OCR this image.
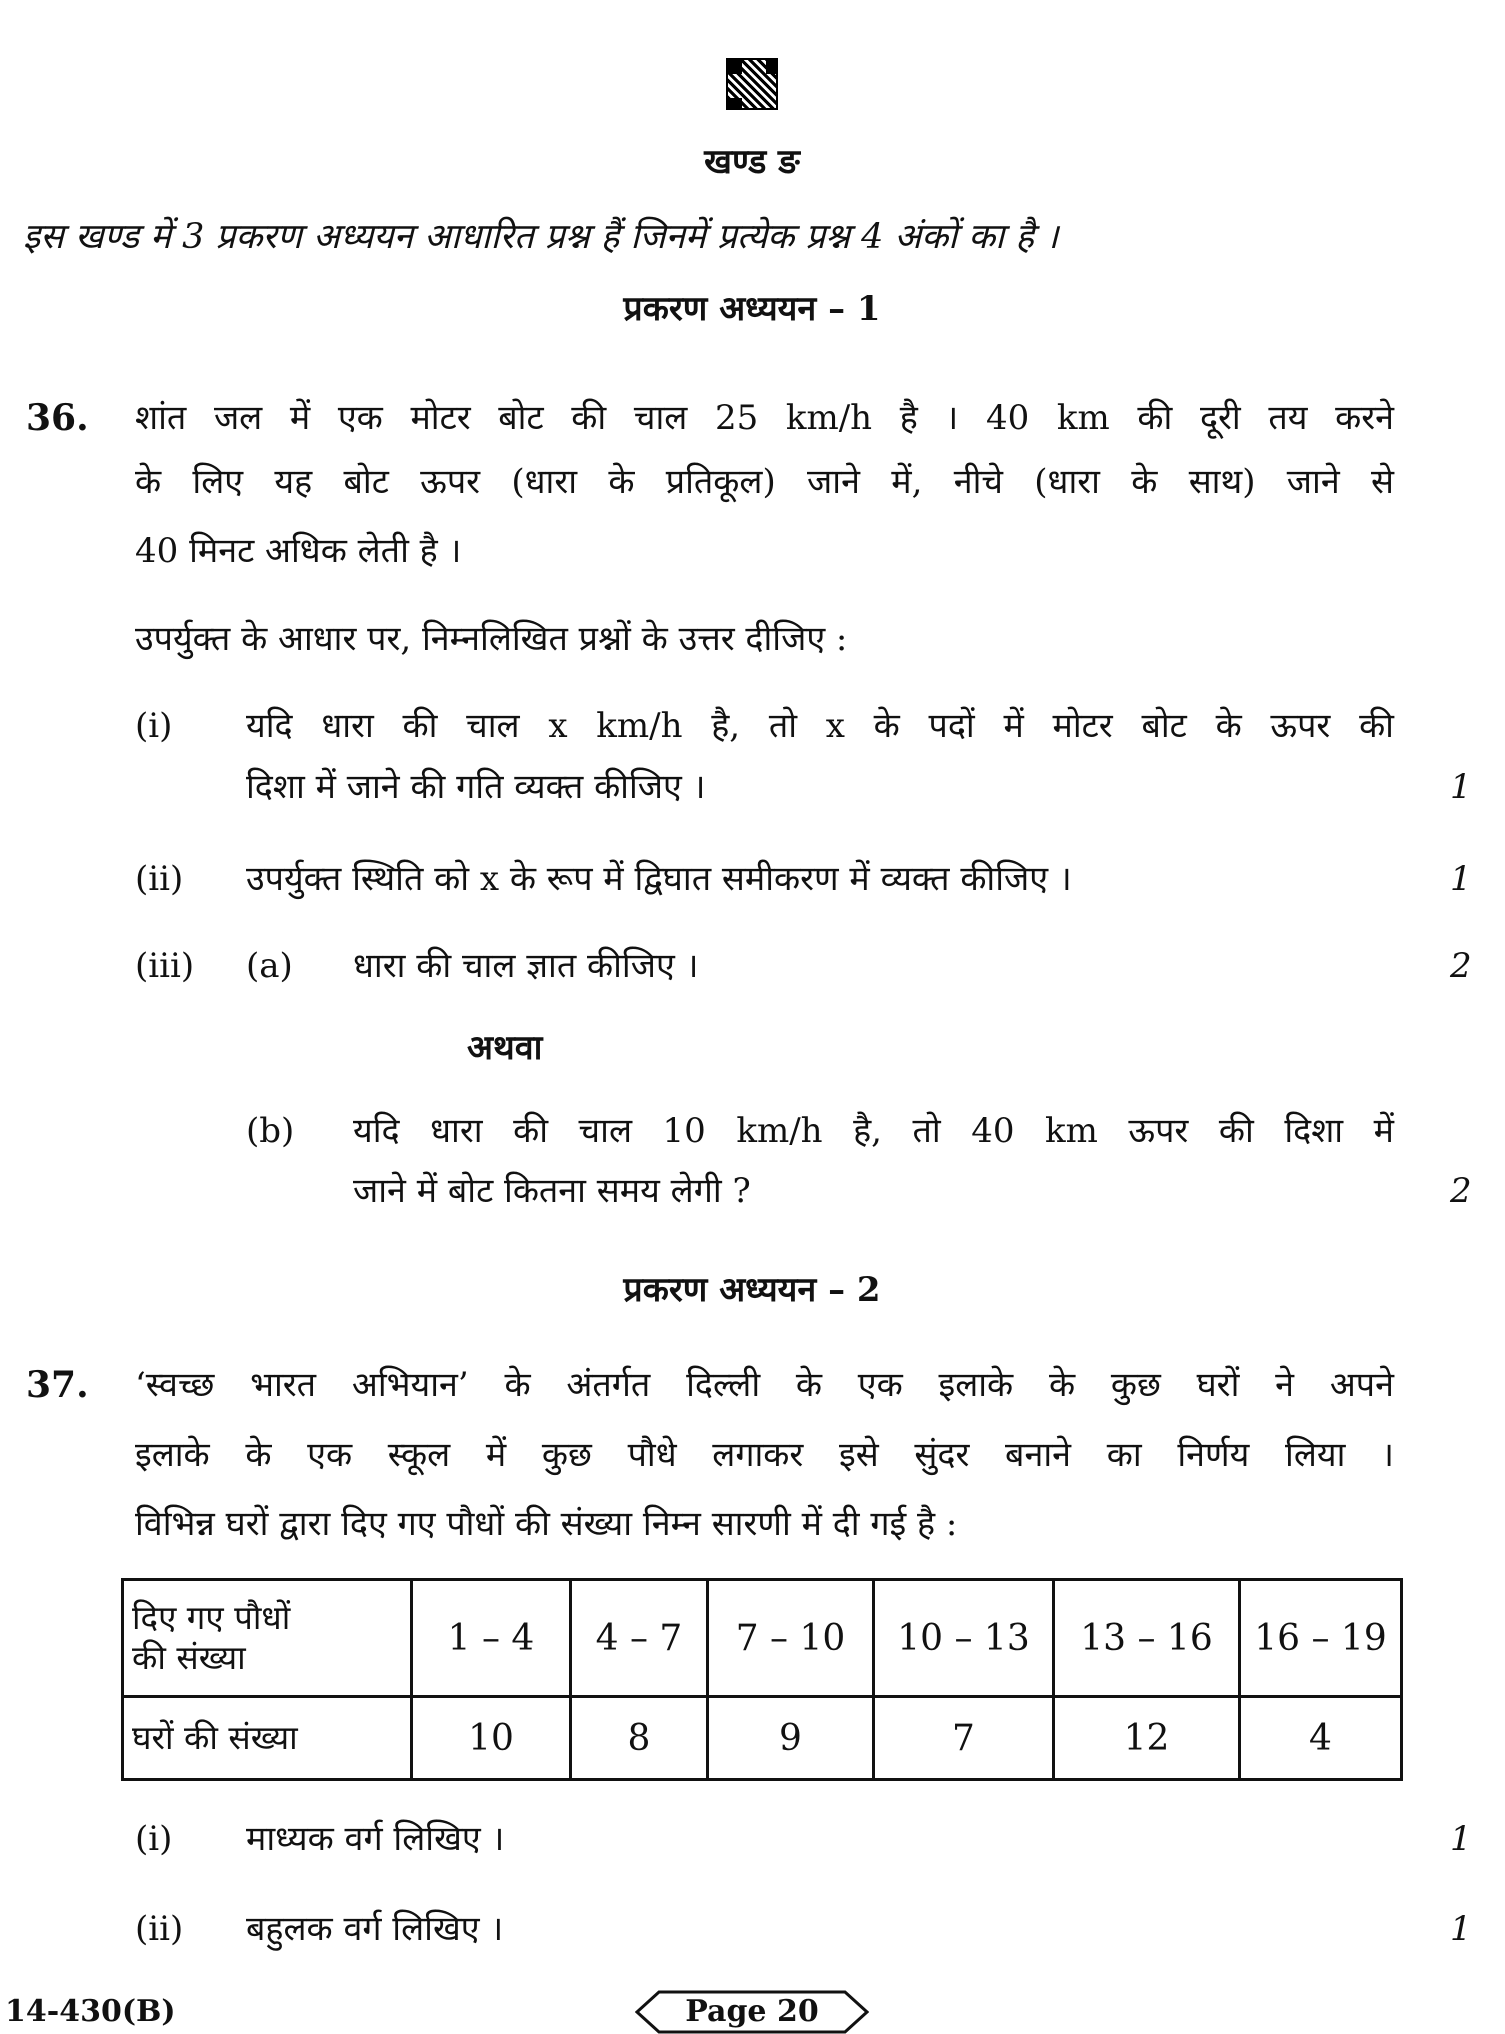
खण्ड ङ
इस खण्ड में 3 प्रकरण अध्ययन आधारित प्रश्न हैं जिनमें प्रत्येक प्रश्न 4 अंकों का है ।
प्रकरण अध्ययन – 1
36. शांत जल में एक मोटर बोट की चाल 25 km/h है । 40 km की दूरी तय करने
के लिए यह बोट ऊपर (धारा के प्रतिकूल) जाने में, नीचे (धारा के साथ) जाने से
40 मिनट अधिक लेती है ।
उपर्युक्त के आधार पर, निम्नलिखित प्रश्नों के उत्तर दीजिए :
(i) यदि धारा की चाल x km/h है, तो x के पदों में मोटर बोट के ऊपर की
दिशा में जाने की गति व्यक्त कीजिए ।	1
(ii) उपर्युक्त स्थिति को x के रूप में द्विघात समीकरण में व्यक्त कीजिए ।	1
(iii) (a) धारा की चाल ज्ञात कीजिए ।	2
अथवा
(b) यदि धारा की चाल 10 km/h है, तो 40 km ऊपर की दिशा में
जाने में बोट कितना समय लेगी ?	2
प्रकरण अध्ययन – 2
37. ‘स्वच्छ भारत अभियान’ के अंतर्गत दिल्ली के एक इलाके के कुछ घरों ने अपने
इलाके के एक स्कूल में कुछ पौधे लगाकर इसे सुंदर बनाने का निर्णय लिया ।
विभिन्न घरों द्वारा दिए गए पौधों की संख्या निम्न सारणी में दी गई है :
दिए गए पौधों
की संख्या	1 – 4	4 – 7	7 – 10	10 – 13	13 – 16	16 – 19
घरों की संख्या	10	8	9	7	12	4
(i) माध्यक वर्ग लिखिए ।	1
(ii) बहुलक वर्ग लिखिए ।	1
14-430(B)	Page 20
